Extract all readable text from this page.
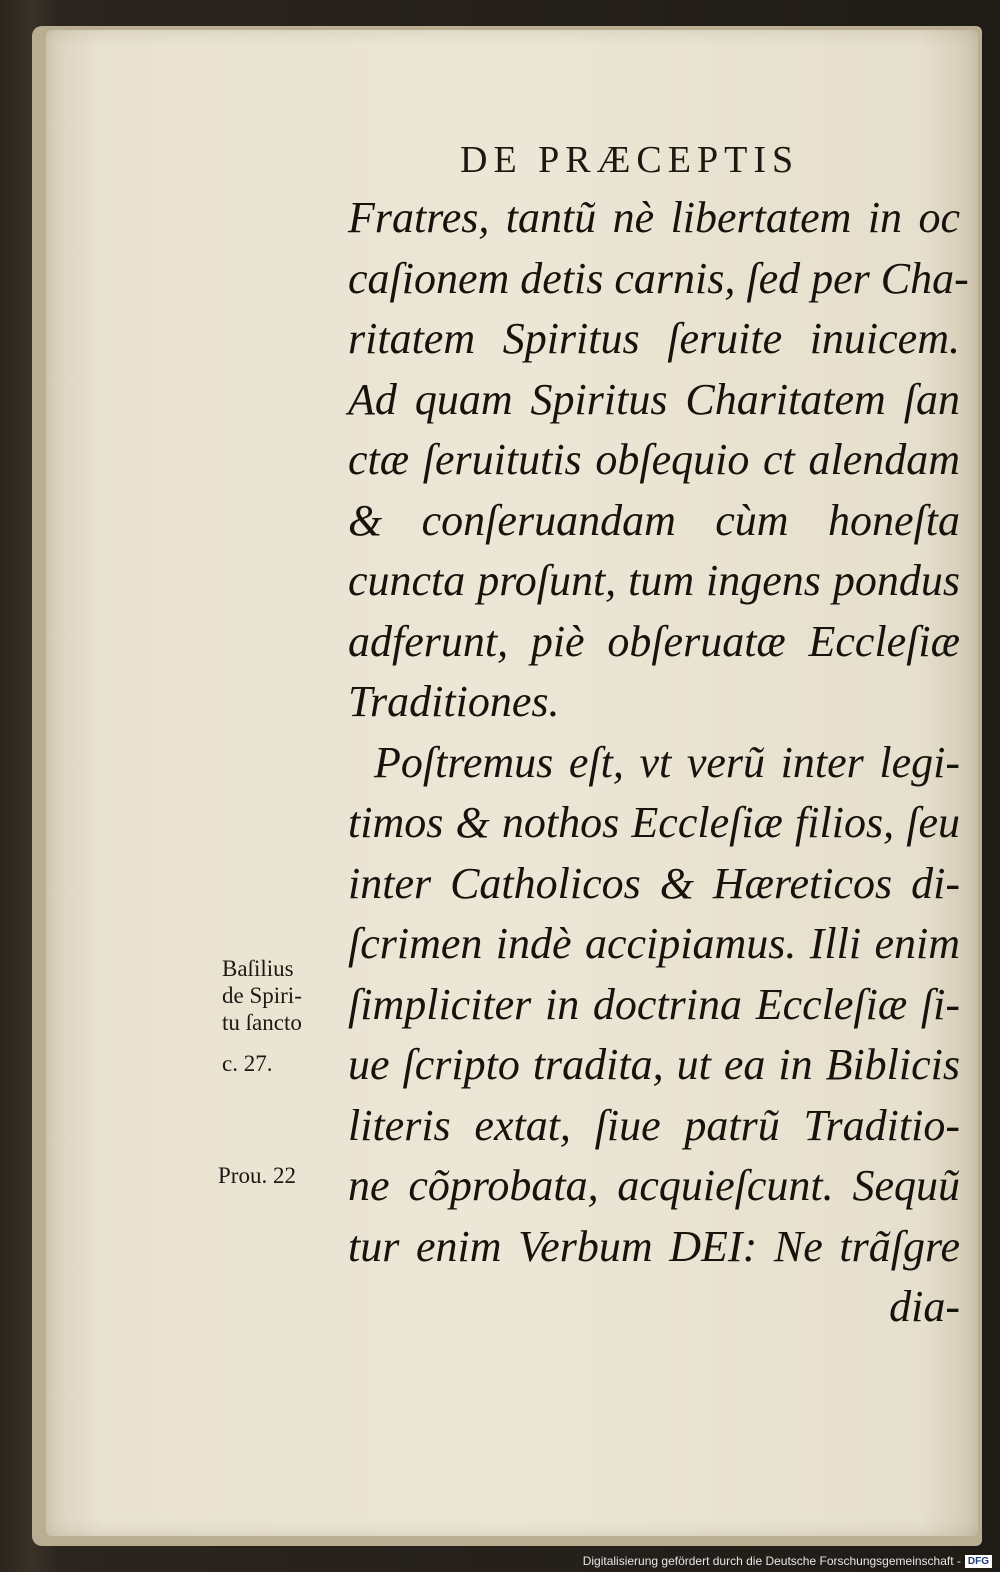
DE PRÆCEPTIS
Fratres, tantũ nè libertatem in oc
caſionem detis carnis, ſed per Cha-
ritatem Spiritus ſeruite inuicem.
Ad quam Spiritus Charitatem ſan
ctæ ſeruitutis obſequio ct alendam
& conſeruandam cùm honeſta
cuncta proſunt, tum ingens pondus
adferunt, piè obſeruatæ Eccleſiæ
Traditiones.
Poſtremus eſt, vt verũ inter legi-
timos & nothos Eccleſiæ filios, ſeu
inter Catholicos & Hæreticos di-
ſcrimen indè accipiamus. Illi enim
ſimpliciter in doctrina Eccleſiæ ſi-
ue ſcripto tradita, ut ea in Biblicis
literis extat, ſiue patrũ Traditio-
ne cõprobata, acquieſcunt. Sequũ
tur enim Verbum DEI: Ne trãſgre
dia-
Baſilius
de Spiri-
tu ſancto
c. 27.
Prou. 22
Digitalisierung gefördert durch die Deutsche Forschungsgemeinschaft - DFG
